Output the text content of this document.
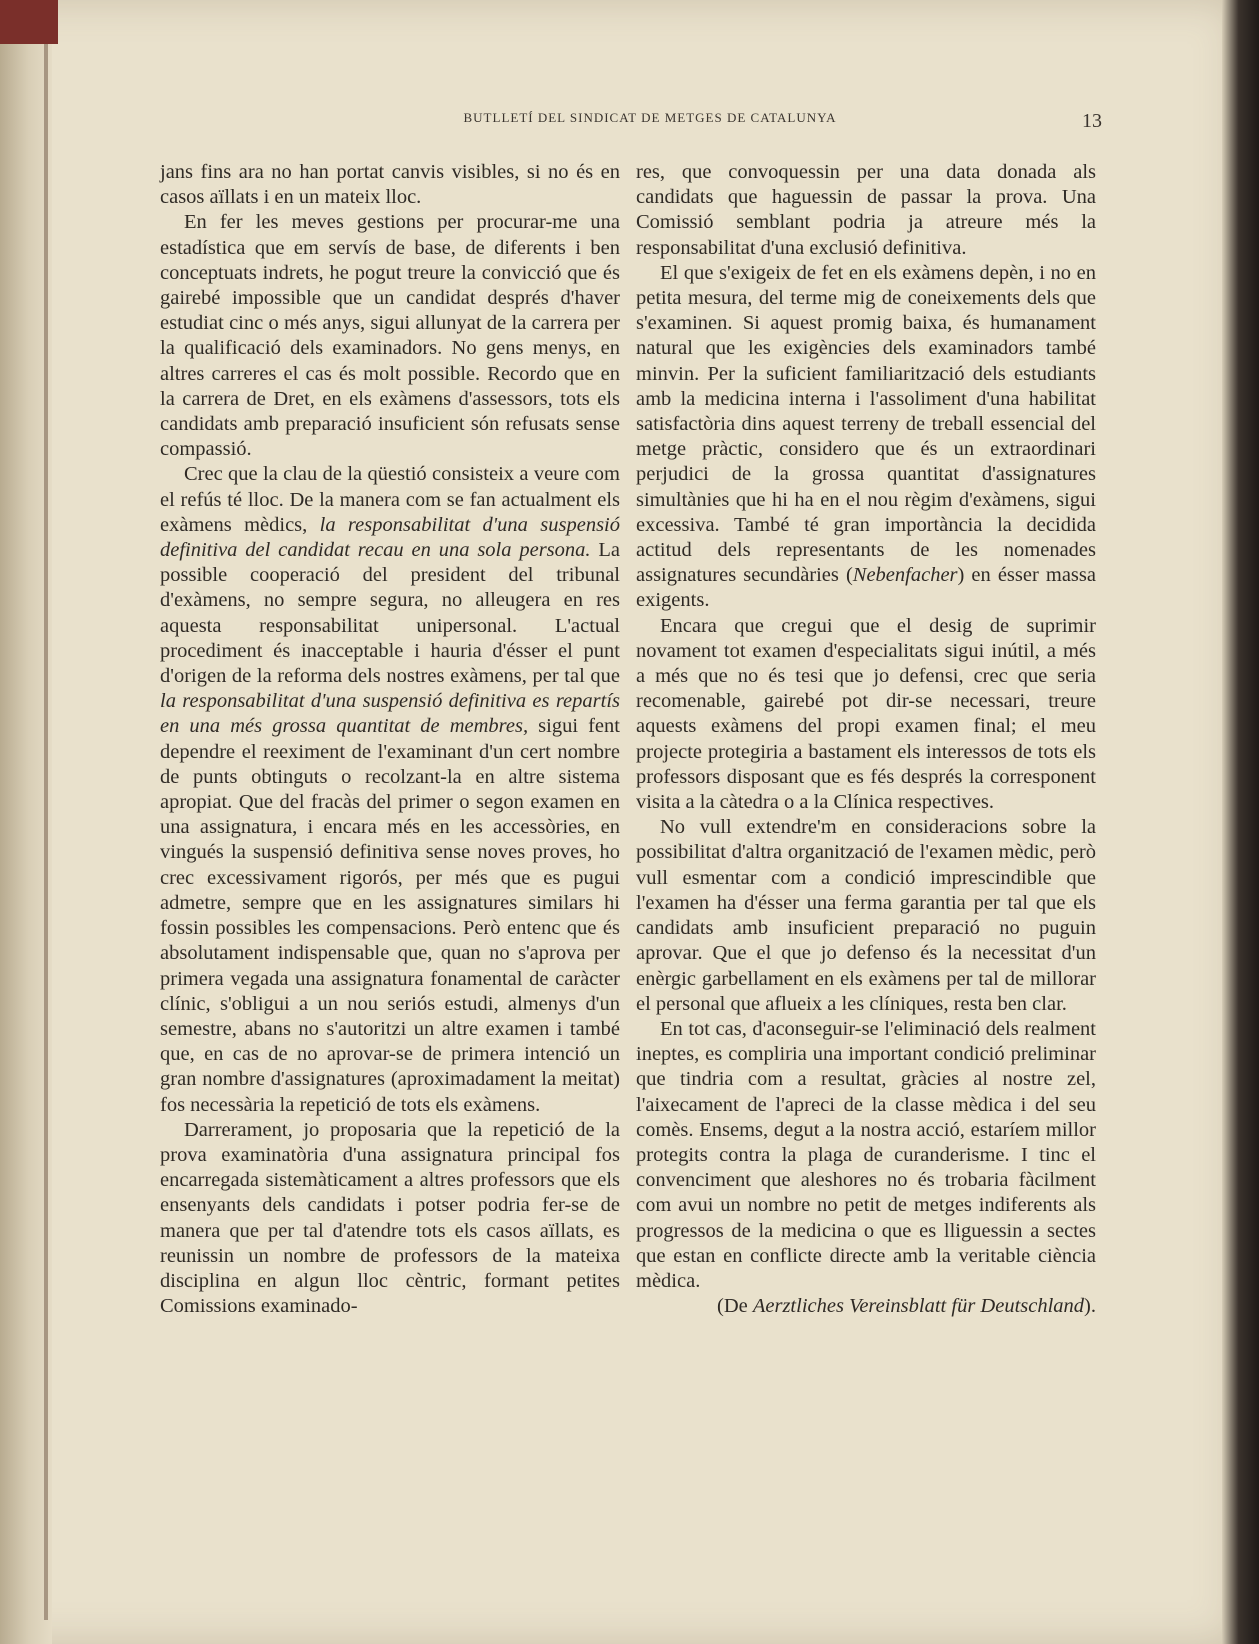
BUTLLETÍ DEL SINDICAT DE METGES DE CATALUNYA	13

jans fins ara no han portat canvis visibles, si no és en casos aïllats i en un mateix lloc.

En fer les meves gestions per procurar-me una estadística que em servís de base, de diferents i ben conceptuats indrets, he pogut treure la convicció que és gairebé impossible que un candidat després d'haver estudiat cinc o més anys, sigui allunyat de la carrera per la qualificació dels examinadors. No gens menys, en altres carreres el cas és molt possible. Recordo que en la carrera de Dret, en els exàmens d'assessors, tots els candidats amb preparació insuficient són refusats sense compassió.

Crec que la clau de la qüestió consisteix a veure com el refús té lloc. De la manera com se fan actualment els exàmens mèdics, la responsabilitat d'una suspensió definitiva del candidat recau en una sola persona. La possible cooperació del president del tribunal d'exàmens, no sempre segura, no alleugera en res aquesta responsabilitat unipersonal. L'actual procediment és inacceptable i hauria d'ésser el punt d'origen de la reforma dels nostres exàmens, per tal que la responsabilitat d'una suspensió definitiva es repartís en una més grossa quantitat de membres, sigui fent dependre el reeximent de l'examinant d'un cert nombre de punts obtinguts o recolzant-la en altre sistema apropiat. Que del fracàs del primer o segon examen en una assignatura, i encara més en les accessòries, en vingués la suspensió definitiva sense noves proves, ho crec excessivament rigorós, per més que es pugui admetre, sempre que en les assignatures similars hi fossin possibles les compensacions. Però entenc que és absolutament indispensable que, quan no s'aprova per primera vegada una assignatura fonamental de caràcter clínic, s'obligui a un nou seriós estudi, almenys d'un semestre, abans no s'autoritzi un altre examen i també que, en cas de no aprovar-se de primera intenció un gran nombre d'assignatures (aproximadament la meitat) fos necessària la repetició de tots els exàmens.

Darrerament, jo proposaria que la repetició de la prova examinatòria d'una assignatura principal fos encarregada sistemàticament a altres professors que els ensenyants dels candidats i potser podria fer-se de manera que per tal d'atendre tots els casos aïllats, es reunissin un nombre de professors de la mateixa disciplina en algun lloc cèntric, formant petites Comissions examinado-

res, que convoquessin per una data donada als candidats que haguessin de passar la prova. Una Comissió semblant podria ja atreure més la responsabilitat d'una exclusió definitiva.

El que s'exigeix de fet en els exàmens depèn, i no en petita mesura, del terme mig de coneixements dels que s'examinen. Si aquest promig baixa, és humanament natural que les exigències dels examinadors també minvin. Per la suficient familiarització dels estudiants amb la medicina interna i l'assoliment d'una habilitat satisfactòria dins aquest terreny de treball essencial del metge pràctic, considero que és un extraordinari perjudici de la grossa quantitat d'assignatures simultànies que hi ha en el nou règim d'exàmens, sigui excessiva. També té gran importància la decidida actitud dels representants de les nomenades assignatures secundàries (Nebenfacher) en ésser massa exigents.

Encara que cregui que el desig de suprimir novament tot examen d'especialitats sigui inútil, a més a més que no és tesi que jo defensi, crec que seria recomenable, gairebé pot dir-se necessari, treure aquests exàmens del propi examen final; el meu projecte protegiria a bastament els interessos de tots els professors disposant que es fés després la corresponent visita a la càtedra o a la Clínica respectives.

No vull extendre'm en consideracions sobre la possibilitat d'altra organització de l'examen mèdic, però vull esmentar com a condició imprescindible que l'examen ha d'ésser una ferma garantia per tal que els candidats amb insuficient preparació no puguin aprovar. Que el que jo defenso és la necessitat d'un enèrgic garbellament en els exàmens per tal de millorar el personal que aflueix a les clíniques, resta ben clar.

En tot cas, d'aconseguir-se l'eliminació dels realment ineptes, es compliria una important condició preliminar que tindria com a resultat, gràcies al nostre zel, l'aixecament de l'apreci de la classe mèdica i del seu comès. Ensems, degut a la nostra acció, estaríem millor protegits contra la plaga de curanderisme. I tinc el convenciment que aleshores no és trobaria fàcilment com avui un nombre no petit de metges indiferents als progressos de la medicina o que es lliguessin a sectes que estan en conflicte directe amb la veritable ciència mèdica.

(De Aerztliches Vereinsblatt für Deutschland).
